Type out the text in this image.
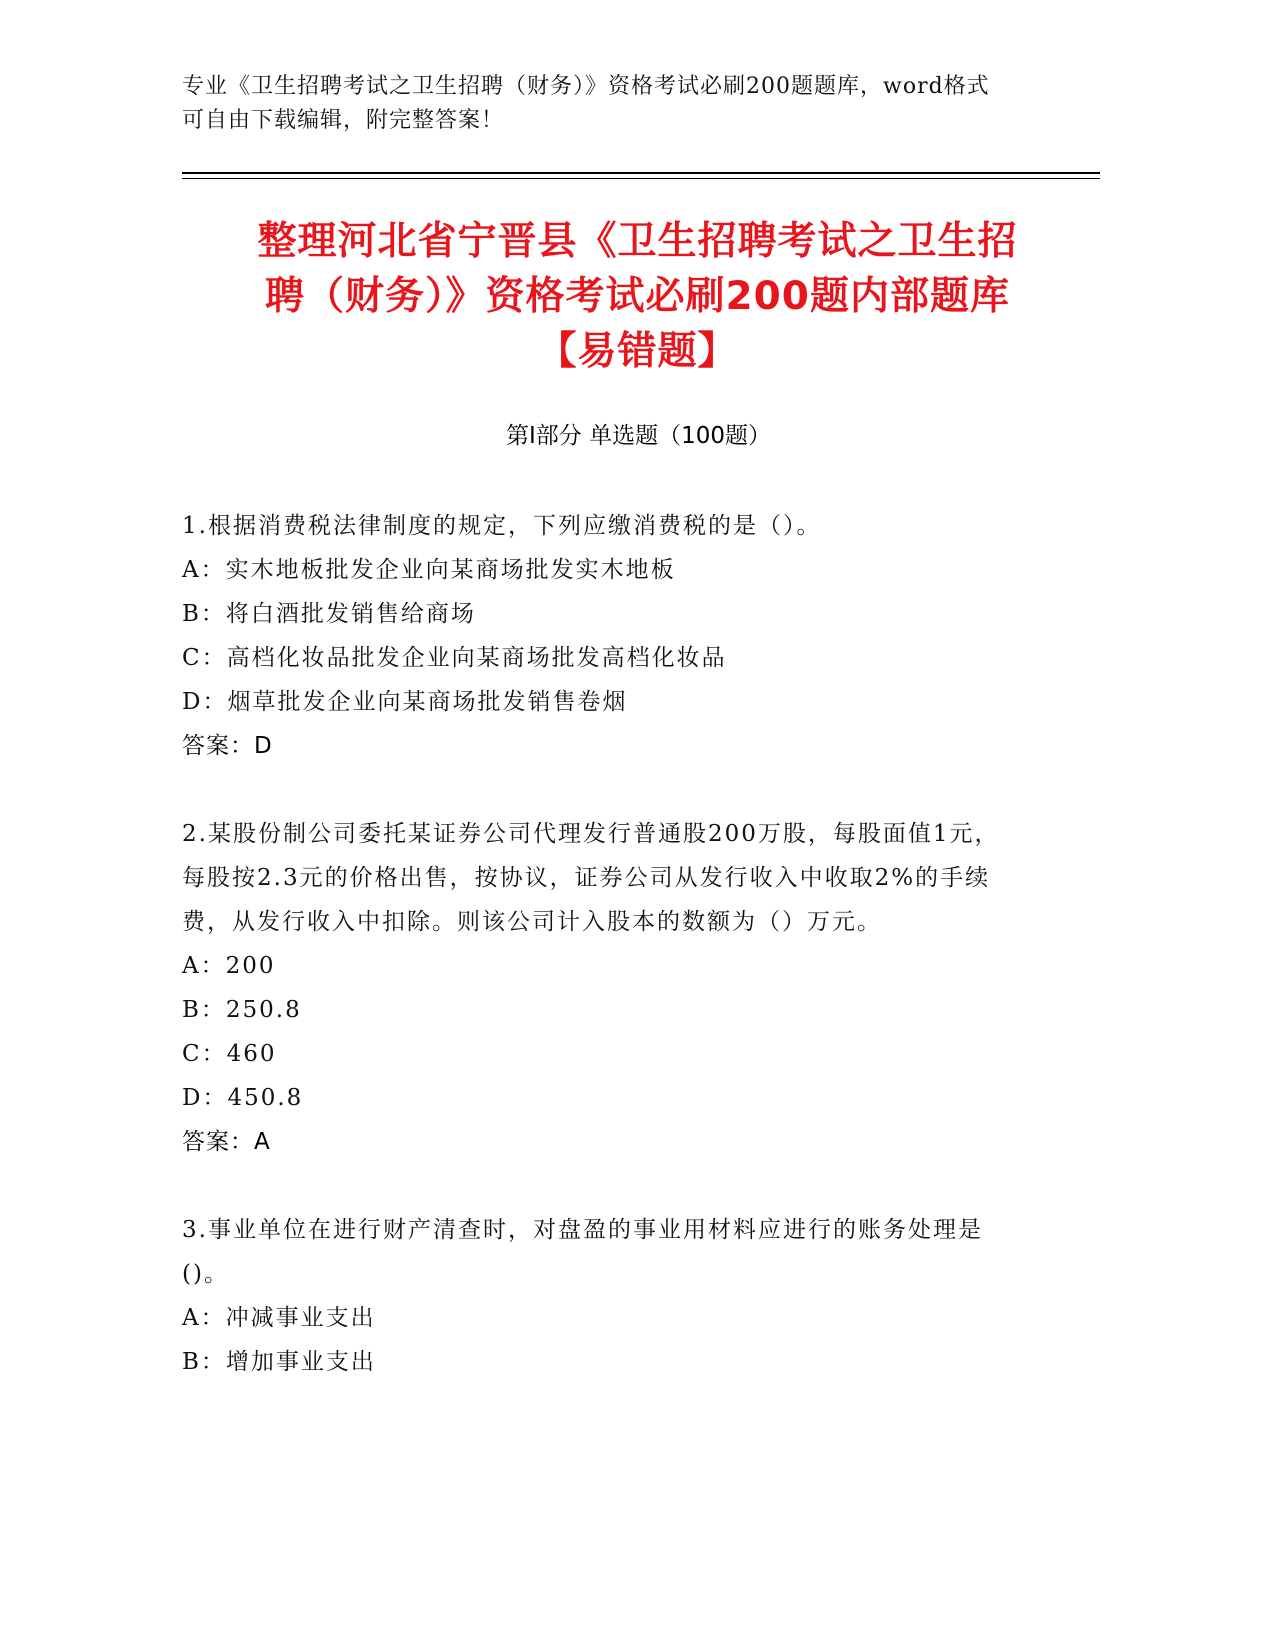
专业《卫生招聘考试之卫生招聘（财务）》资格考试必刷200题题库，word格式
可自由下载编辑，附完整答案！
整理河北省宁晋县《卫生招聘考试之卫生招
聘（财务）》资格考试必刷200题内部题库
【易错题】
第I部分 单选题（100题）
1.根据消费税法律制度的规定，下列应缴消费税的是（）。
A：实木地板批发企业向某商场批发实木地板
B：将白酒批发销售给商场
C：高档化妆品批发企业向某商场批发高档化妆品
D：烟草批发企业向某商场批发销售卷烟
答案：D
2.某股份制公司委托某证券公司代理发行普通股200万股，每股面值1元，每股按2.3元的价格出售，按协议，证券公司从发行收入中收取2%的手续费，从发行收入中扣除。则该公司计入股本的数额为（）万元。
A：200
B：250.8
C：460
D：450.8
答案：A
3.事业单位在进行财产清查时，对盘盈的事业用材料应进行的账务处理是()。
A：冲减事业支出
B：增加事业支出
